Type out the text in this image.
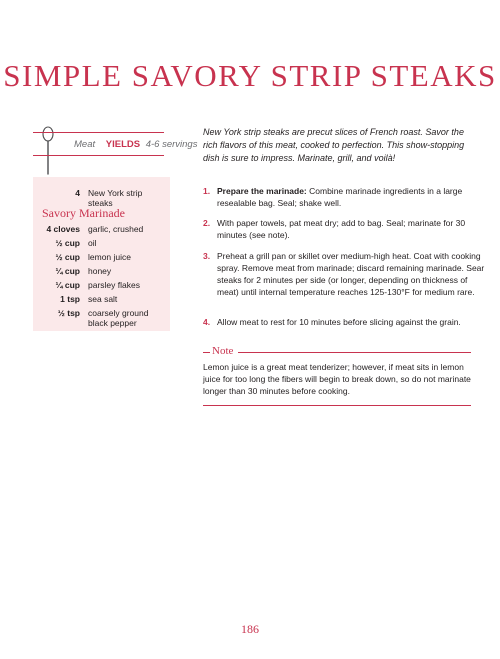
SIMPLE SAVORY STRIP STEAKS
Meat YIELDS 4-6 servings
4 New York strip steaks
Savory Marinade
4 cloves garlic, crushed
½ cup oil
½ cup lemon juice
¼ cup honey
¼ cup parsley flakes
1 tsp sea salt
½ tsp coarsely ground black pepper

New York strip steaks are precut slices of French roast. Savor the rich flavors of this meat, cooked to perfection. This show-stopping dish is sure to impress. Marinate, grill, and voilà!

1. Prepare the marinade: Combine marinade ingredients in a large resealable bag. Seal; shake well.
2. With paper towels, pat meat dry; add to bag. Seal; marinate for 30 minutes (see note).
3. Preheat a grill pan or skillet over medium-high heat. Coat with cooking spray. Remove meat from marinade; discard remaining marinade. Sear steaks for 2 minutes per side (or longer, depending on thickness of meat) until internal temperature reaches 125-130°F for medium rare.
4. Allow meat to rest for 10 minutes before slicing against the grain.
Note

Lemon juice is a great meat tenderizer; however, if meat sits in lemon juice for too long the fibers will begin to break down, so do not marinate longer than 30 minutes before cooking.

186
